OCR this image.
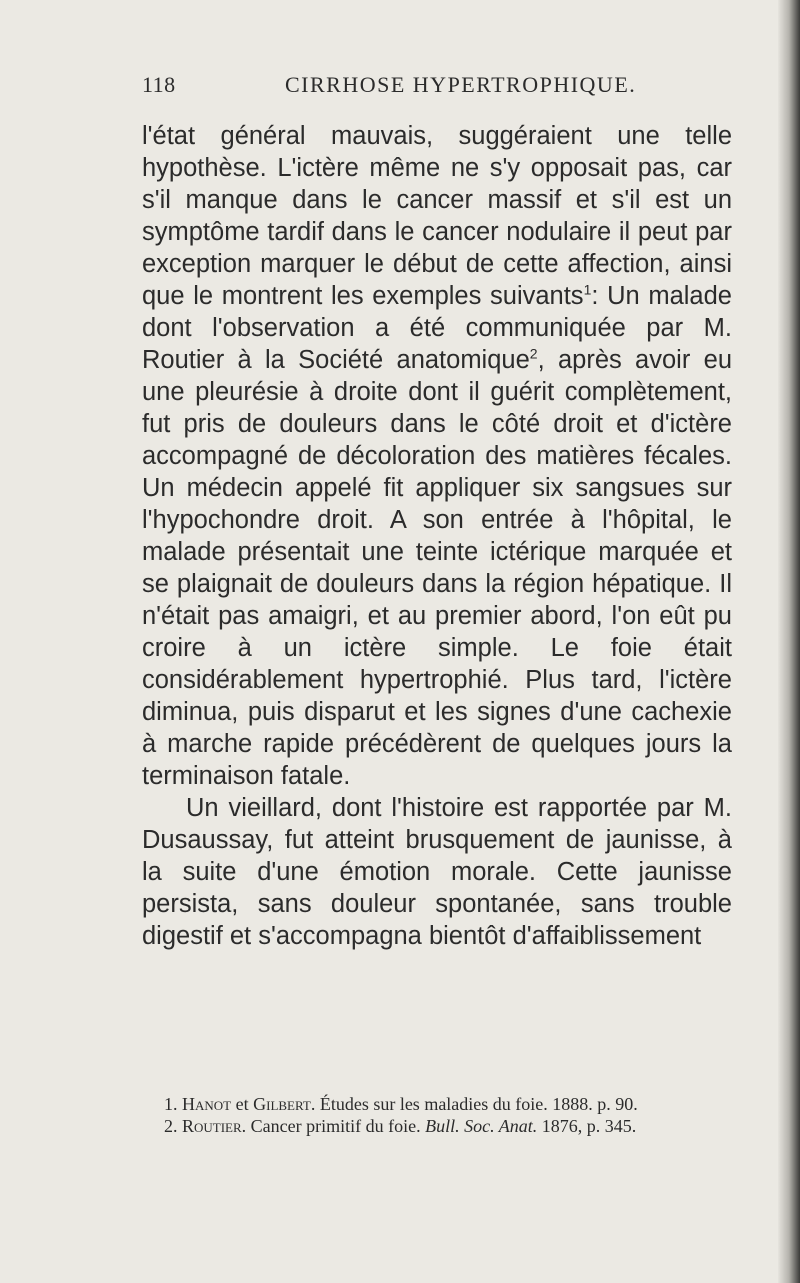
118	CIRRHOSE HYPERTROPHIQUE.

l'état général mauvais, suggéraient une telle hypothèse. L'ictère même ne s'y opposait pas, car s'il manque dans le cancer massif et s'il est un symptôme tardif dans le cancer nodulaire il peut par exception marquer le début de cette affection, ainsi que le montrent les exemples suivants$^1$: Un malade dont l'observation a été communiquée par M. Routier à la Société anatomique$^2$, après avoir eu une pleurésie à droite dont il guérit complètement, fut pris de douleurs dans le côté droit et d'ictère accompagné de décoloration des matières fécales. Un médecin appelé fit appliquer six sangsues sur l'hypochondre droit. A son entrée à l'hôpital, le malade présentait une teinte ictérique marquée et se plaignait de douleurs dans la région hépatique. Il n'était pas amaigri, et au premier abord, l'on eût pu croire à un ictère simple. Le foie était considérablement hypertrophié. Plus tard, l'ictère diminua, puis disparut et les signes d'une cachexie à marche rapide précédèrent de quelques jours la terminaison fatale.

Un vieillard, dont l'histoire est rapportée par M. Dusaussay, fut atteint brusquement de jaunisse, à la suite d'une émotion morale. Cette jaunisse persista, sans douleur spontanée, sans trouble digestif et s'accompagna bientôt d'affaiblissement

1. Hanot et Gilbert. Études sur les maladies du foie. 1888. p. 90.

2. Routier. Cancer primitif du foie. Bull. Soc. Anat. 1876, p. 345.
